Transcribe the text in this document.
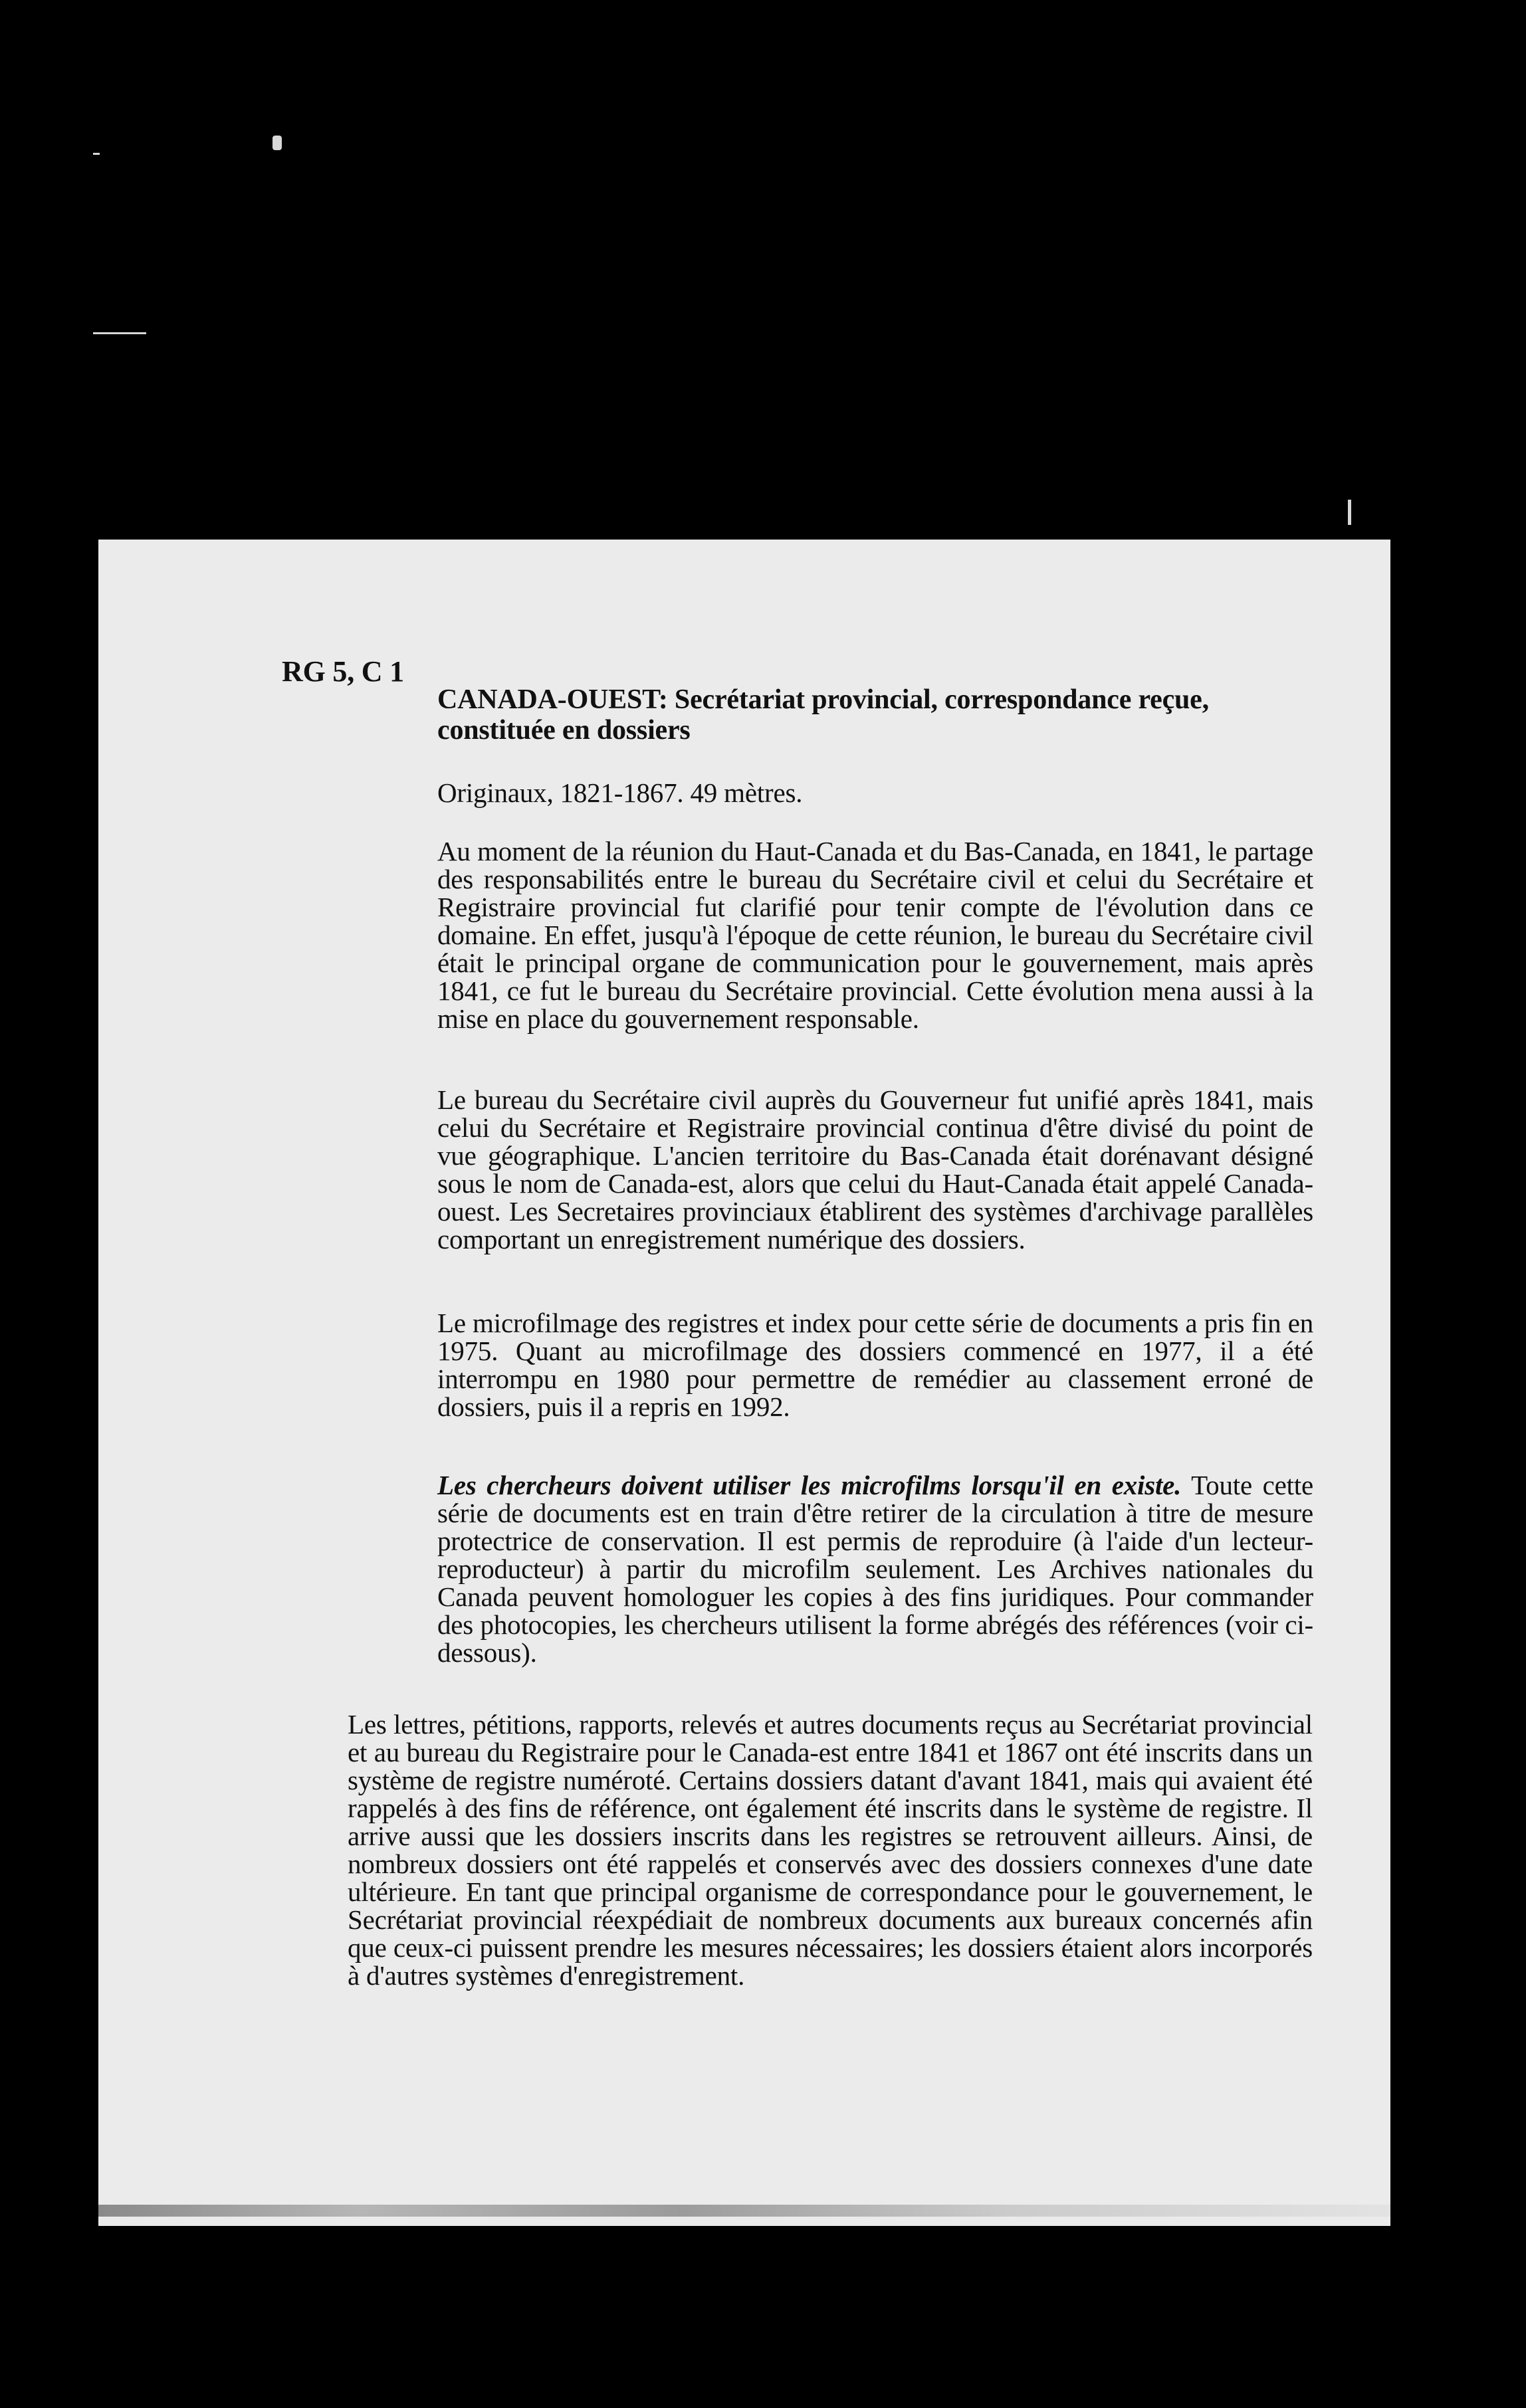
RG 5, C 1
CANADA-OUEST: Secrétariat provincial, correspondance reçue, constituée en dossiers
Originaux, 1821-1867. 49 mètres.
Au moment de la réunion du Haut-Canada et du Bas-Canada, en 1841, le partage des responsabilités entre le bureau du Secrétaire civil et celui du Secrétaire et Registraire provincial fut clarifié pour tenir compte de l'évolution dans ce domaine. En effet, jusqu'à l'époque de cette réunion, le bureau du Secrétaire civil était le principal organe de communication pour le gouvernement, mais après 1841, ce fut le bureau du Secrétaire provincial. Cette évolution mena aussi à la mise en place du gouvernement responsable.
Le bureau du Secrétaire civil auprès du Gouverneur fut unifié après 1841, mais celui du Secrétaire et Registraire provincial continua d'être divisé du point de vue géographique. L'ancien territoire du Bas-Canada était dorénavant désigné sous le nom de Canada-est, alors que celui du Haut-Canada était appelé Canada-ouest. Les Secretaires provinciaux établirent des systèmes d'archivage parallèles comportant un enregistrement numérique des dossiers.
Le microfilmage des registres et index pour cette série de documents a pris fin en 1975. Quant au microfilmage des dossiers commencé en 1977, il a été interrompu en 1980 pour permettre de remédier au classement erroné de dossiers, puis il a repris en 1992.
Les chercheurs doivent utiliser les microfilms lorsqu'il en existe. Toute cette série de documents est en train d'être retirer de la circulation à titre de mesure protectrice de conservation. Il est permis de reproduire (à l'aide d'un lecteur-reproducteur) à partir du microfilm seulement. Les Archives nationales du Canada peuvent homologuer les copies à des fins juridiques. Pour commander des photocopies, les chercheurs utilisent la forme abrégés des références (voir ci-dessous).
Les lettres, pétitions, rapports, relevés et autres documents reçus au Secrétariat provincial et au bureau du Registraire pour le Canada-est entre 1841 et 1867 ont été inscrits dans un système de registre numéroté. Certains dossiers datant d'avant 1841, mais qui avaient été rappelés à des fins de référence, ont également été inscrits dans le système de registre. Il arrive aussi que les dossiers inscrits dans les registres se retrouvent ailleurs. Ainsi, de nombreux dossiers ont été rappelés et conservés avec des dossiers connexes d'une date ultérieure. En tant que principal organisme de correspondance pour le gouvernement, le Secrétariat provincial réexpédiait de nombreux documents aux bureaux concernés afin que ceux-ci puissent prendre les mesures nécessaires; les dossiers étaient alors incorporés à d'autres systèmes d'enregistrement.
